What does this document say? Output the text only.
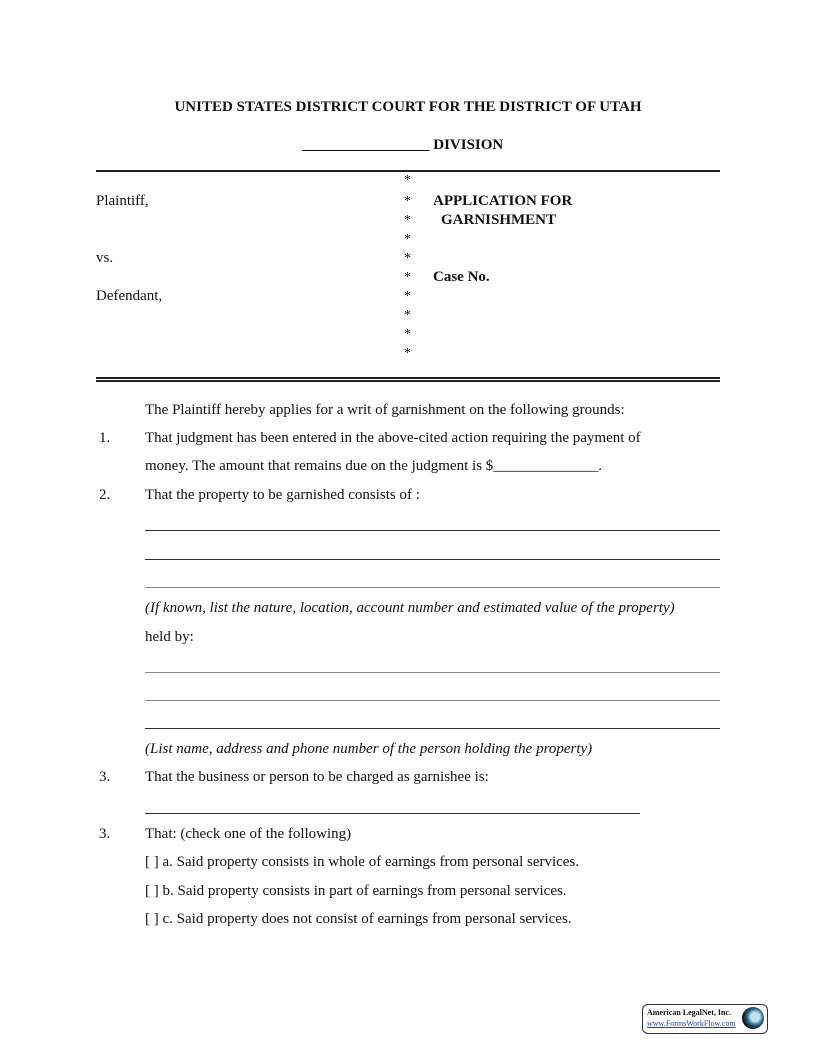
UNITED STATES DISTRICT COURT FOR THE DISTRICT OF UTAH
_________________ DIVISION
Plaintiff,
vs.
Defendant,
*
*
*
*
*
*
*
*
*
*
APPLICATION FOR
GARNISHMENT
Case No.
The Plaintiff hereby applies for a writ of garnishment on the following grounds:
1. That judgment has been entered in the above-cited action requiring the payment of
money. The amount that remains due on the judgment is $______________.
2. That the property to be garnished consists of :
(If known, list the nature, location, account number and estimated value of the property)
held by:
(List name, address and phone number of the person holding the property)
3. That the business or person to be charged as garnishee is:
3. That: (check one of the following)
[ ] a. Said property consists in whole of earnings from personal services.
[ ] b. Said property consists in part of earnings from personal services.
[ ] c. Said property does not consist of earnings from personal services.
American LegalNet, Inc.
www.FormsWorkFlow.com
